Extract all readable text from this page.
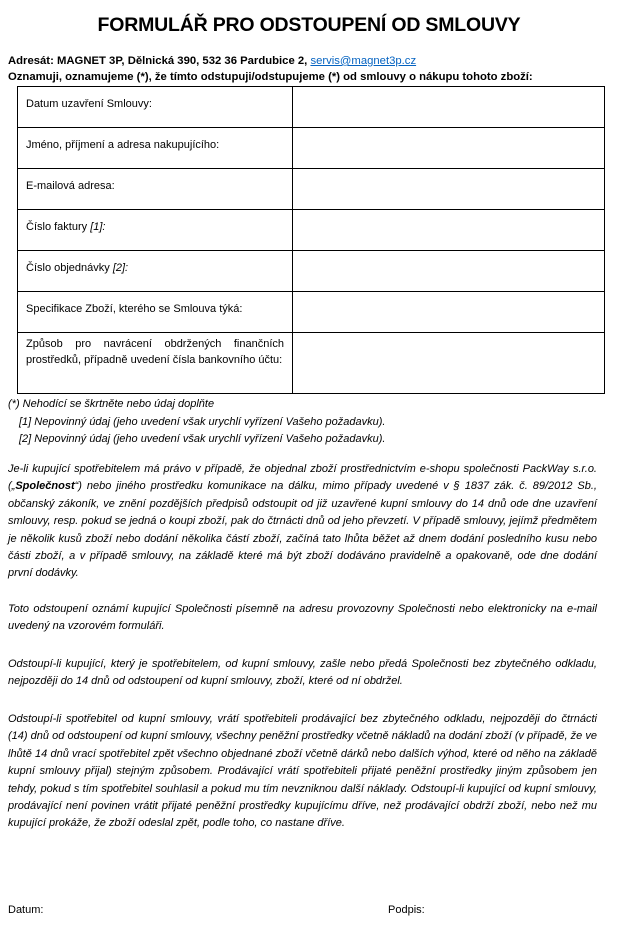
FORMULÁŘ PRO ODSTOUPENÍ OD SMLOUVY
Adresát: MAGNET 3P, Dělnická 390, 532 36 Pardubice 2, servis@magnet3p.cz
Oznamuji, oznamujeme (*), že tímto odstupuji/odstupujeme (*) od smlouvy o nákupu tohoto zboží:
Datum uzavření Smlouvy:	
Jméno, příjmení a adresa nakupujícího:	
E-mailová adresa:	
Číslo faktury [1]:	
Číslo objednávky [2]:	
Specifikace Zboží, kterého se Smlouva týká:	
Způsob pro navrácení obdržených finančních prostředků, případně uvedení čísla bankovního účtu:	
(*) Nehodící se škrtněte nebo údaj doplňte
[1] Nepovinný údaj (jeho uvedení však urychlí vyřízení Vašeho požadavku).
[2] Nepovinný údaj (jeho uvedení však urychlí vyřízení Vašeho požadavku).
Je-li kupující spotřebitelem má právo v případě, že objednal zboží prostřednictvím e-shopu společnosti PackWay s.r.o. („Společnost“) nebo jiného prostředku komunikace na dálku, mimo případy uvedené v § 1837 zák. č. 89/2012 Sb., občanský zákoník, ve znění pozdějších předpisů odstoupit od již uzavřené kupní smlouvy do 14 dnů ode dne uzavření smlouvy, resp. pokud se jedná o koupi zboží, pak do čtrnácti dnů od jeho převzetí. V případě smlouvy, jejímž předmětem je několik kusů zboží nebo dodání několika částí zboží, začíná tato lhůta běžet až dnem dodání posledního kusu nebo části zboží, a v případě smlouvy, na základě které má být zboží dodáváno pravidelně a opakovaně, ode dne dodání první dodávky.
Toto odstoupení oznámí kupující Společnosti písemně na adresu provozovny Společnosti nebo elektronicky na e-mail uvedený na vzorovém formuláři.
Odstoupí-li kupující, který je spotřebitelem, od kupní smlouvy, zašle nebo předá Společnosti bez zbytečného odkladu, nejpozději do 14 dnů od odstoupení od kupní smlouvy, zboží, které od ní obdržel.
Odstoupí-li spotřebitel od kupní smlouvy, vrátí spotřebiteli prodávající bez zbytečného odkladu, nejpozději do čtrnácti (14) dnů od odstoupení od kupní smlouvy, všechny peněžní prostředky včetně nákladů na dodání zboží (v případě, že ve lhůtě 14 dnů vrací spotřebitel zpět všechno objednané zboží včetně dárků nebo dalších výhod, které od něho na základě kupní smlouvy přijal) stejným způsobem. Prodávající vrátí spotřebiteli přijaté peněžní prostředky jiným způsobem jen tehdy, pokud s tím spotřebitel souhlasil a pokud mu tím nevzniknou další náklady. Odstoupí-li kupující od kupní smlouvy, prodávající není povinen vrátit přijaté peněžní prostředky kupujícímu dříve, než prodávající obdrží zboží, nebo než mu kupující prokáže, že zboží odeslal zpět, podle toho, co nastane dříve.
Datum:	Podpis:
